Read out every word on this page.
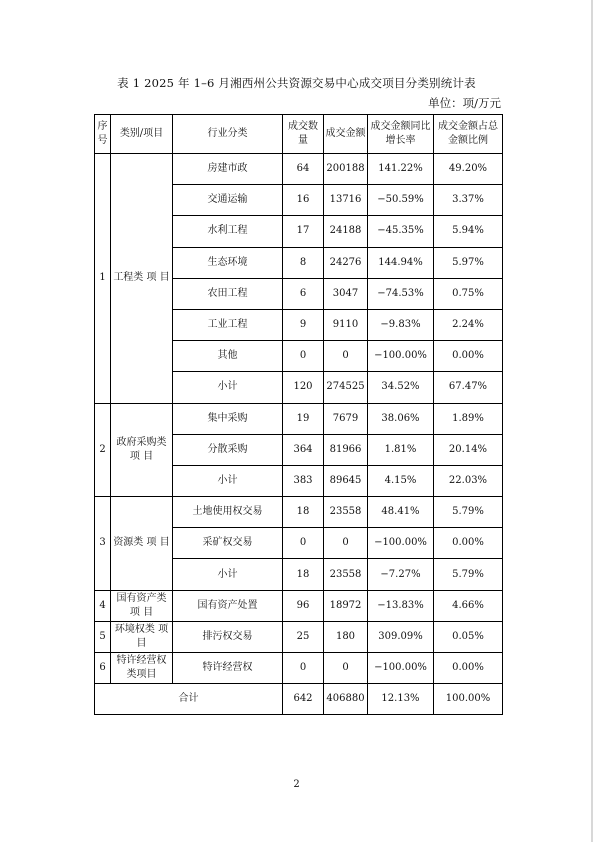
表 1 2025 年 1–6 月湘西州公共资源交易中心成交项目分类别统计表
单位：项/万元
序号	类别/项目	行业分类	成交数量	成交金额	成交金额同比增长率	成交金额占总金额比例
1	工程类 项 目	房建市政	64	200188	141.22%	49.20%
		交通运输	16	13716	−50.59%	3.37%
		水利工程	17	24188	−45.35%	5.94%
		生态环境	8	24276	144.94%	5.97%
		农田工程	6	3047	−74.53%	0.75%
		工业工程	9	9110	−9.83%	2.24%
		其他	0	0	−100.00%	0.00%
		小计	120	274525	34.52%	67.47%
2	政府采购类 项 目	集中采购	19	7679	38.06%	1.89%
		分散采购	364	81966	1.81%	20.14%
		小计	383	89645	4.15%	22.03%
3	资源类 项 目	土地使用权交易	18	23558	48.41%	5.79%
		采矿权交易	0	0	−100.00%	0.00%
		小计	18	23558	−7.27%	5.79%
4	国有资产类 项 目	国有资产处置	96	18972	−13.83%	4.66%
5	环境权类 项 目	排污权交易	25	180	309.09%	0.05%
6	特许经营权 类项目	特许经营权	0	0	−100.00%	0.00%
合计			642	406880	12.13%	100.00%
2
